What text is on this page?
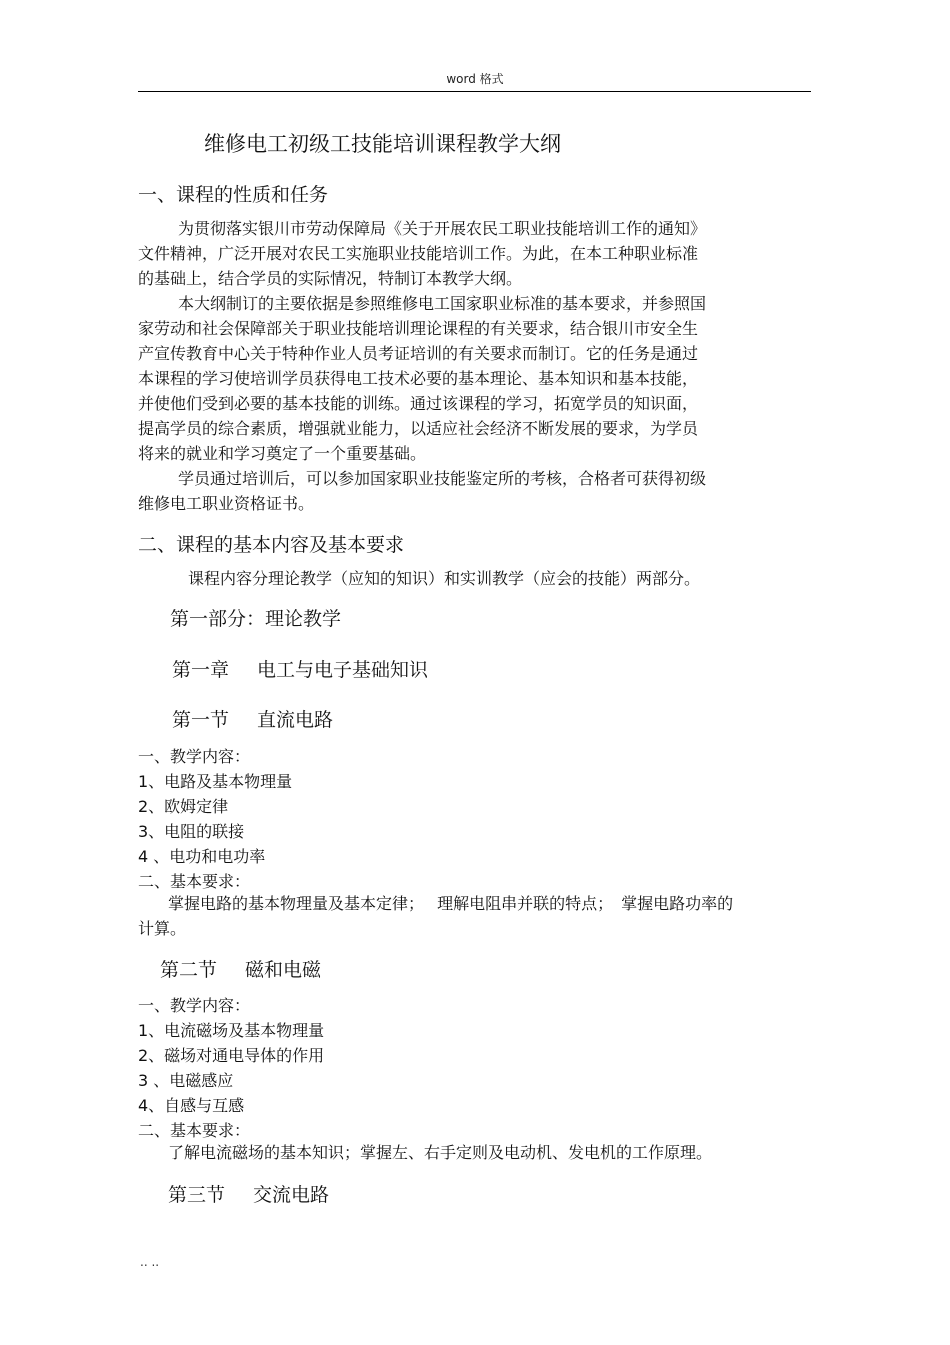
word 格式
维修电工初级工技能培训课程教学大纲
一、课程的性质和任务
为贯彻落实银川市劳动保障局《关于开展农民工职业技能培训工作的通知》
文件精神，广泛开展对农民工实施职业技能培训工作。为此，在本工种职业标准
的基础上，结合学员的实际情况，特制订本教学大纲。
本大纲制订的主要依据是参照维修电工国家职业标准的基本要求，并参照国
家劳动和社会保障部关于职业技能培训理论课程的有关要求，结合银川市安全生
产宣传教育中心关于特种作业人员考证培训的有关要求而制订。它的任务是通过
本课程的学习使培训学员获得电工技术必要的基本理论、基本知识和基本技能，
并使他们受到必要的基本技能的训练。通过该课程的学习，拓宽学员的知识面，
提高学员的综合素质，增强就业能力，以适应社会经济不断发展的要求，为学员
将来的就业和学习奠定了一个重要基础。
学员通过培训后，可以参加国家职业技能鉴定所的考核，合格者可获得初级
维修电工职业资格证书。
二、课程的基本内容及基本要求
课程内容分理论教学（应知的知识）和实训教学（应会的技能）两部分。
第一部分：理论教学
第一章 电工与电子基础知识
第一节 直流电路
一、教学内容：
1、电路及基本物理量
2、欧姆定律
3、电阻的联接
4 、电功和电功率
二、基本要求：
掌握电路的基本物理量及基本定律；　 理解电阻串并联的特点；　掌握电路功率的
计算。
第二节 磁和电磁
一、教学内容：
1、电流磁场及基本物理量
2、磁场对通电导体的作用
3 、电磁感应
4、自感与互感
二、基本要求：
了解电流磁场的基本知识；掌握左、右手定则及电动机、发电机的工作原理。
第三节 交流电路
.. ..
